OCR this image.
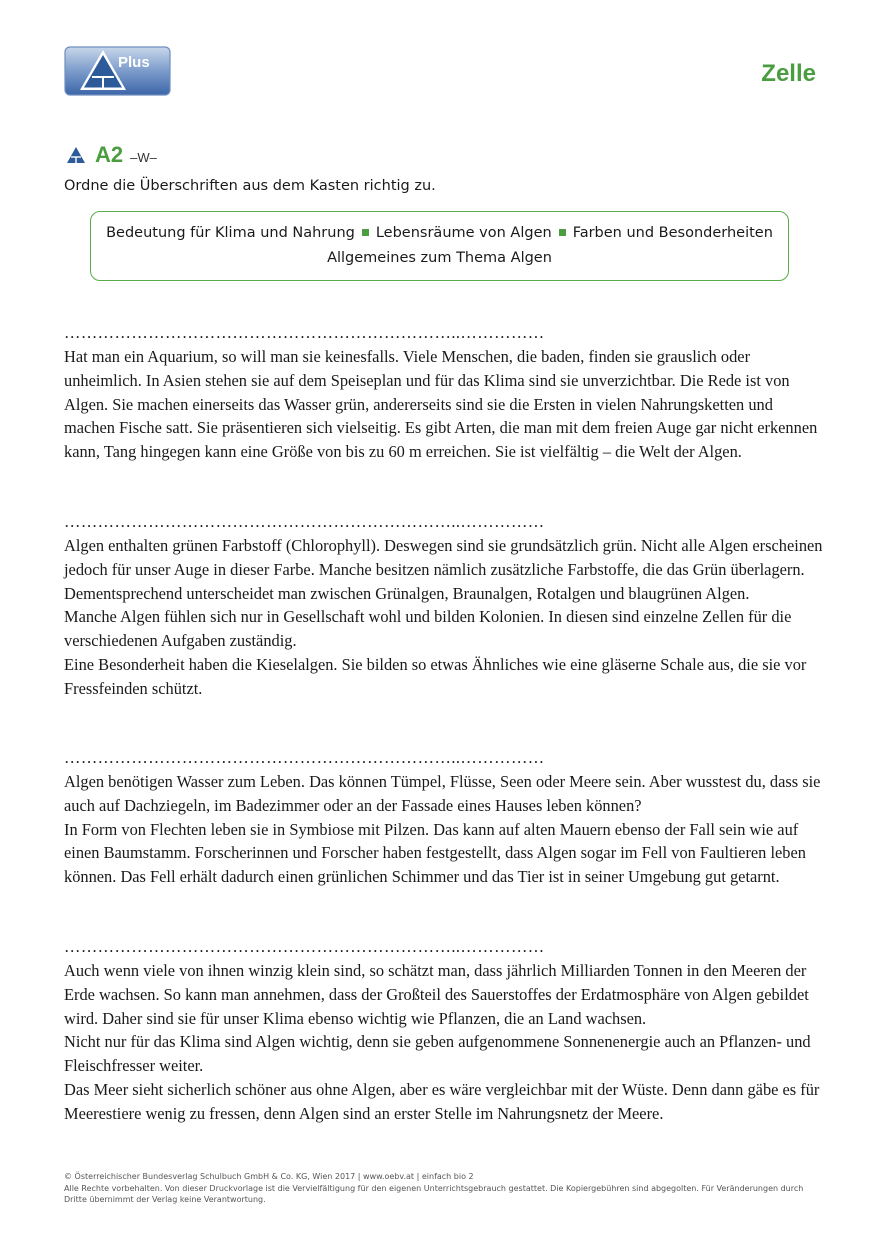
Plus	Zelle
A2 –W–
Ordne die Überschriften aus dem Kasten richtig zu.
Bedeutung für Klima und Nahrung Lebensräume von Algen Farben und Besonderheiten
Allgemeines zum Thema Algen
……………………………………………………………..……………

Hat man ein Aquarium, so will man sie keinesfalls. Viele Menschen, die baden, finden sie grauslich oder unheimlich. In Asien stehen sie auf dem Speiseplan und für das Klima sind sie unverzichtbar. Die Rede ist von Algen. Sie machen einerseits das Wasser grün, andererseits sind sie die Ersten in vielen Nahrungsketten und machen Fische satt. Sie präsentieren sich vielseitig. Es gibt Arten, die man mit dem freien Auge gar nicht erkennen kann, Tang hingegen kann eine Größe von bis zu 60 m erreichen. Sie ist vielfältig – die Welt der Algen.

……………………………………………………………..……………

Algen enthalten grünen Farbstoff (Chlorophyll). Deswegen sind sie grundsätzlich grün. Nicht alle Algen erscheinen jedoch für unser Auge in dieser Farbe. Manche besitzen nämlich zusätzliche Farbstoffe, die das Grün überlagern. Dementsprechend unterscheidet man zwischen Grünalgen, Braunalgen, Rotalgen und blaugrünen Algen.

Manche Algen fühlen sich nur in Gesellschaft wohl und bilden Kolonien. In diesen sind einzelne Zellen für die verschiedenen Aufgaben zuständig.

Eine Besonderheit haben die Kieselalgen. Sie bilden so etwas Ähnliches wie eine gläserne Schale aus, die sie vor Fressfeinden schützt.

……………………………………………………………..……………

Algen benötigen Wasser zum Leben. Das können Tümpel, Flüsse, Seen oder Meere sein. Aber wusstest du, dass sie auch auf Dachziegeln, im Badezimmer oder an der Fassade eines Hauses leben können?

In Form von Flechten leben sie in Symbiose mit Pilzen. Das kann auf alten Mauern ebenso der Fall sein wie auf einen Baumstamm. Forscherinnen und Forscher haben festgestellt, dass Algen sogar im Fell von Faultieren leben können. Das Fell erhält dadurch einen grünlichen Schimmer und das Tier ist in seiner Umgebung gut getarnt.

……………………………………………………………..……………

Auch wenn viele von ihnen winzig klein sind, so schätzt man, dass jährlich Milliarden Tonnen in den Meeren der Erde wachsen. So kann man annehmen, dass der Großteil des Sauerstoffes der Erdatmosphäre von Algen gebildet wird. Daher sind sie für unser Klima ebenso wichtig wie Pflanzen, die an Land wachsen.

Nicht nur für das Klima sind Algen wichtig, denn sie geben aufgenommene Sonnenenergie auch an Pflanzen- und Fleischfresser weiter.

Das Meer sieht sicherlich schöner aus ohne Algen, aber es wäre vergleichbar mit der Wüste. Denn dann gäbe es für Meerestiere wenig zu fressen, denn Algen sind an erster Stelle im Nahrungsnetz der Meere.

© Österreichischer Bundesverlag Schulbuch GmbH & Co. KG, Wien 2017 | www.oebv.at | einfach bio 2
Alle Rechte vorbehalten. Von dieser Druckvorlage ist die Vervielfältigung für den eigenen Unterrichtsgebrauch gestattet. Die Kopiergebühren sind abgegolten. Für Veränderungen durch Dritte übernimmt der Verlag keine Verantwortung.
